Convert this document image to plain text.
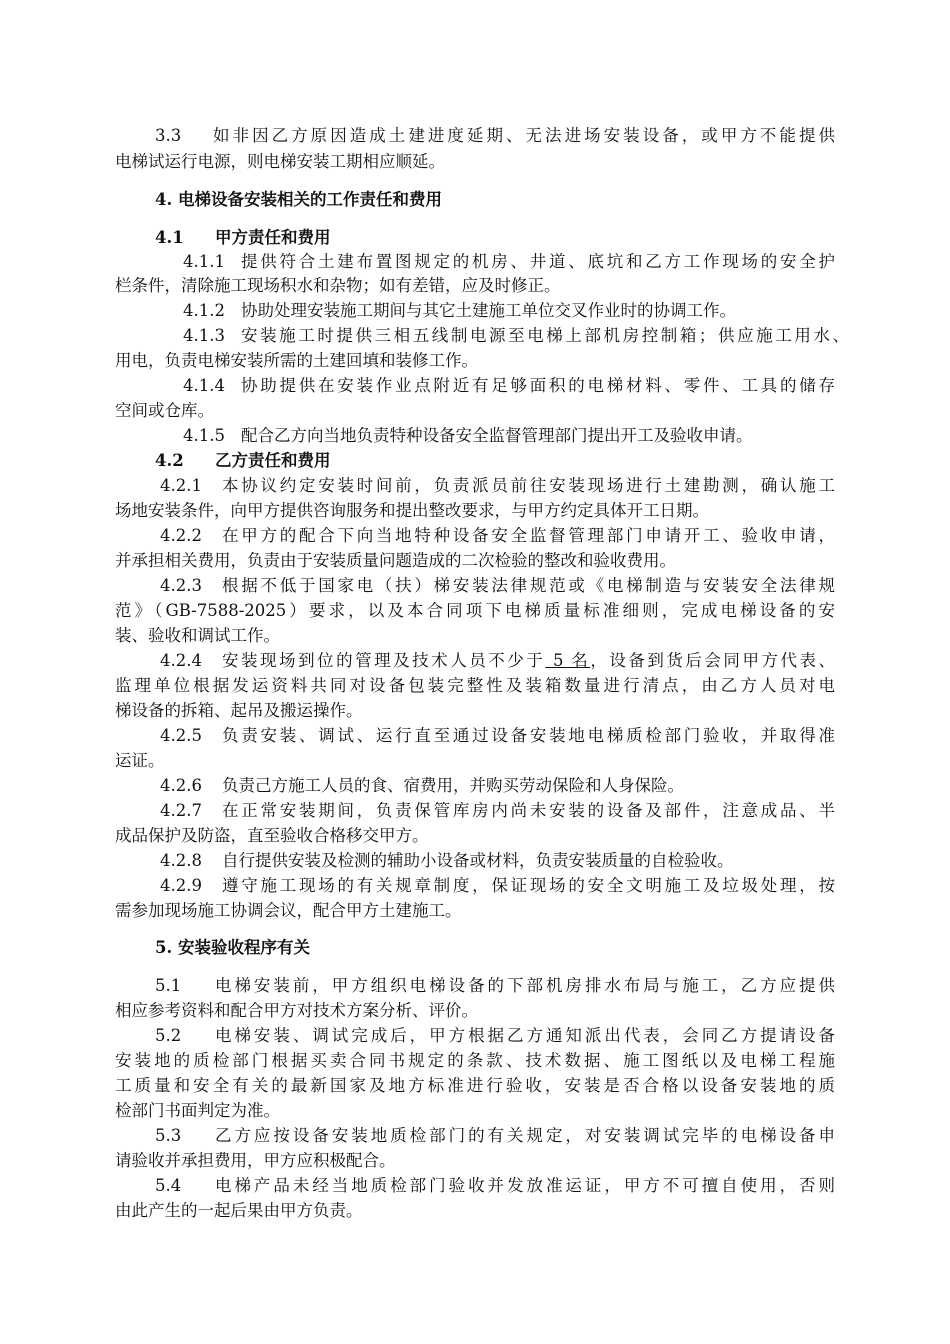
3.3 如非因乙方原因造成土建进度延期、无法进场安装设备，或甲方不能提供
电梯试运行电源，则电梯安装工期相应顺延。
4. 电梯设备安装相关的工作责任和费用
4.1 甲方责任和费用
4.1.1 提供符合土建布置图规定的机房、井道、底坑和乙方工作现场的安全护
栏条件，清除施工现场积水和杂物；如有差错，应及时修正。
4.1.2 协助处理安装施工期间与其它土建施工单位交叉作业时的协调工作。
4.1.3 安装施工时提供三相五线制电源至电梯上部机房控制箱；供应施工用水、
用电，负责电梯安装所需的土建回填和装修工作。
4.1.4 协助提供在安装作业点附近有足够面积的电梯材料、零件、工具的储存
空间或仓库。
4.1.5 配合乙方向当地负责特种设备安全监督管理部门提出开工及验收申请。
4.2 乙方责任和费用
4.2.1 本协议约定安装时间前，负责派员前往安装现场进行土建勘测，确认施工
场地安装条件，向甲方提供咨询服务和提出整改要求，与甲方约定具体开工日期。
4.2.2 在甲方的配合下向当地特种设备安全监督管理部门申请开工、验收申请，
并承担相关费用，负责由于安装质量问题造成的二次检验的整改和验收费用。
4.2.3 根据不低于国家电（扶）梯安装法律规范或《电梯制造与安装安全法律规
范》（GB-7588-2025）要求，以及本合同项下电梯质量标准细则，完成电梯设备的安
装、验收和调试工作。
4.2.4 安装现场到位的管理及技术人员不少于 5 名，设备到货后会同甲方代表、
监理单位根据发运资料共同对设备包装完整性及装箱数量进行清点，由乙方人员对电
梯设备的拆箱、起吊及搬运操作。
4.2.5 负责安装、调试、运行直至通过设备安装地电梯质检部门验收，并取得准
运证。
4.2.6 负责己方施工人员的食、宿费用，并购买劳动保险和人身保险。
4.2.7 在正常安装期间，负责保管库房内尚未安装的设备及部件，注意成品、半
成品保护及防盗，直至验收合格移交甲方。
4.2.8 自行提供安装及检测的辅助小设备或材料，负责安装质量的自检验收。
4.2.9 遵守施工现场的有关规章制度，保证现场的安全文明施工及垃圾处理，按
需参加现场施工协调会议，配合甲方土建施工。
5. 安装验收程序有关
5.1 电梯安装前，甲方组织电梯设备的下部机房排水布局与施工，乙方应提供
相应参考资料和配合甲方对技术方案分析、评价。
5.2 电梯安装、调试完成后，甲方根据乙方通知派出代表，会同乙方提请设备
安装地的质检部门根据买卖合同书规定的条款、技术数据、施工图纸以及电梯工程施
工质量和安全有关的最新国家及地方标准进行验收，安装是否合格以设备安装地的质
检部门书面判定为准。
5.3 乙方应按设备安装地质检部门的有关规定，对安装调试完毕的电梯设备申
请验收并承担费用，甲方应积极配合。
5.4 电梯产品未经当地质检部门验收并发放准运证，甲方不可擅自使用，否则
由此产生的一起后果由甲方负责。
